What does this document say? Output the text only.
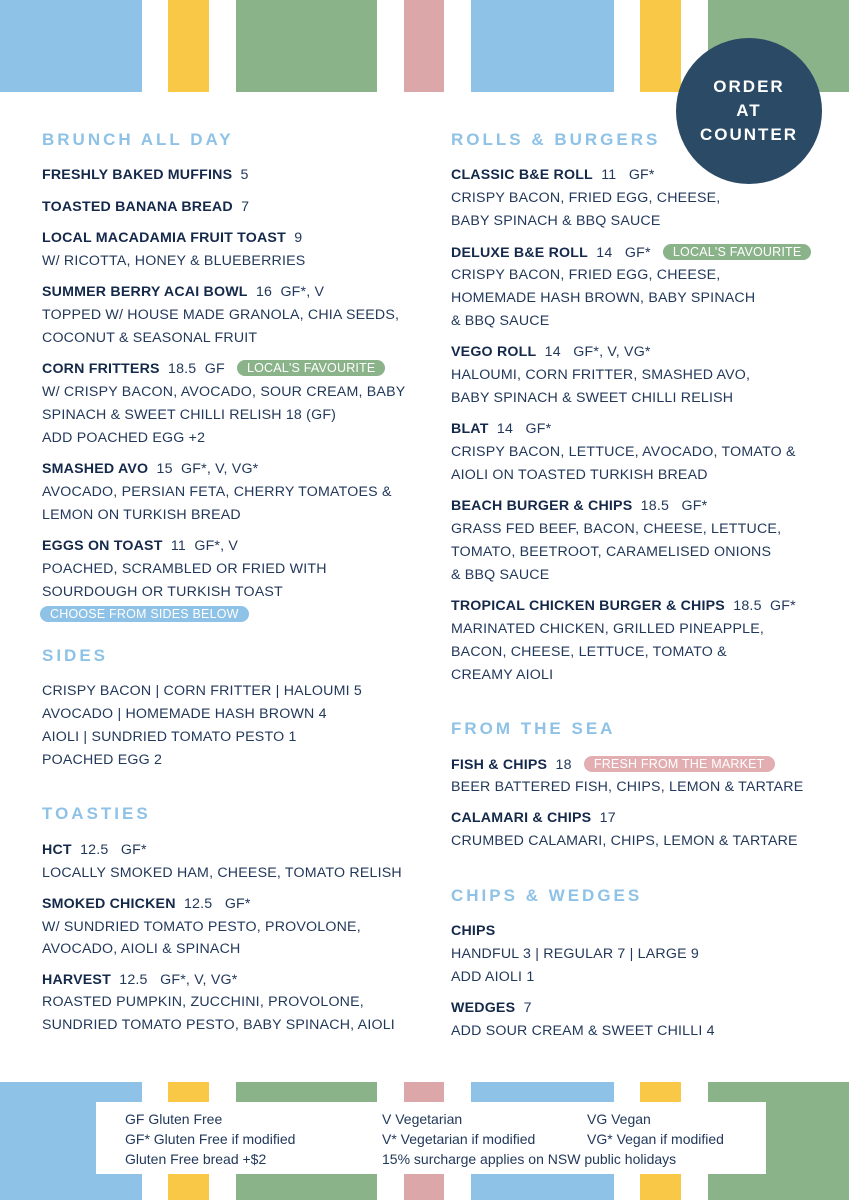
ORDER
AT
COUNTER
BRUNCH ALL DAY
FRESHLY BAKED MUFFINS 5
TOASTED BANANA BREAD 7
LOCAL MACADAMIA FRUIT TOAST 9
W/ RICOTTA, HONEY & BLUEBERRIES
SUMMER BERRY ACAI BOWL 16 GF*, V
TOPPED W/ HOUSE MADE GRANOLA, CHIA SEEDS,
COCONUT & SEASONAL FRUIT
CORN FRITTERS 18.5 GF LOCAL'S FAVOURITE
W/ CRISPY BACON, AVOCADO, SOUR CREAM, BABY
SPINACH & SWEET CHILLI RELISH 18 (GF)
ADD POACHED EGG +2
SMASHED AVO 15 GF*, V, VG*
AVOCADO, PERSIAN FETA, CHERRY TOMATOES &
LEMON ON TURKISH BREAD
EGGS ON TOAST 11 GF*, V
POACHED, SCRAMBLED OR FRIED WITH
SOURDOUGH OR TURKISH TOAST
CHOOSE FROM SIDES BELOW
SIDES
CRISPY BACON | CORN FRITTER | HALOUMI 5
AVOCADO | HOMEMADE HASH BROWN 4
AIOLI | SUNDRIED TOMATO PESTO 1
POACHED EGG 2
TOASTIES
HCT 12.5 GF*
LOCALLY SMOKED HAM, CHEESE, TOMATO RELISH
SMOKED CHICKEN 12.5 GF*
W/ SUNDRIED TOMATO PESTO, PROVOLONE,
AVOCADO, AIOLI & SPINACH
HARVEST 12.5 GF*, V, VG*
ROASTED PUMPKIN, ZUCCHINI, PROVOLONE,
SUNDRIED TOMATO PESTO, BABY SPINACH, AIOLI
ROLLS & BURGERS
CLASSIC B&E ROLL 11 GF*
CRISPY BACON, FRIED EGG, CHEESE,
BABY SPINACH & BBQ SAUCE
DELUXE B&E ROLL 14 GF* LOCAL'S FAVOURITE
CRISPY BACON, FRIED EGG, CHEESE,
HOMEMADE HASH BROWN, BABY SPINACH
& BBQ SAUCE
VEGO ROLL 14 GF*, V, VG*
HALOUMI, CORN FRITTER, SMASHED AVO,
BABY SPINACH & SWEET CHILLI RELISH
BLAT 14 GF*
CRISPY BACON, LETTUCE, AVOCADO, TOMATO &
AIOLI ON TOASTED TURKISH BREAD
BEACH BURGER & CHIPS 18.5 GF*
GRASS FED BEEF, BACON, CHEESE, LETTUCE,
TOMATO, BEETROOT, CARAMELISED ONIONS
& BBQ SAUCE
TROPICAL CHICKEN BURGER & CHIPS 18.5 GF*
MARINATED CHICKEN, GRILLED PINEAPPLE,
BACON, CHEESE, LETTUCE, TOMATO &
CREAMY AIOLI
FROM THE SEA
FISH & CHIPS 18 FRESH FROM THE MARKET
BEER BATTERED FISH, CHIPS, LEMON & TARTARE
CALAMARI & CHIPS 17
CRUMBED CALAMARI, CHIPS, LEMON & TARTARE
CHIPS & WEDGES
CHIPS
HANDFUL 3 | REGULAR 7 | LARGE 9
ADD AIOLI 1
WEDGES 7
ADD SOUR CREAM & SWEET CHILLI 4
GF Gluten Free
GF* Gluten Free if modified
Gluten Free bread +$2
V Vegetarian
V* Vegetarian if modified
15% surcharge applies on NSW public holidays
VG Vegan
VG* Vegan if modified
